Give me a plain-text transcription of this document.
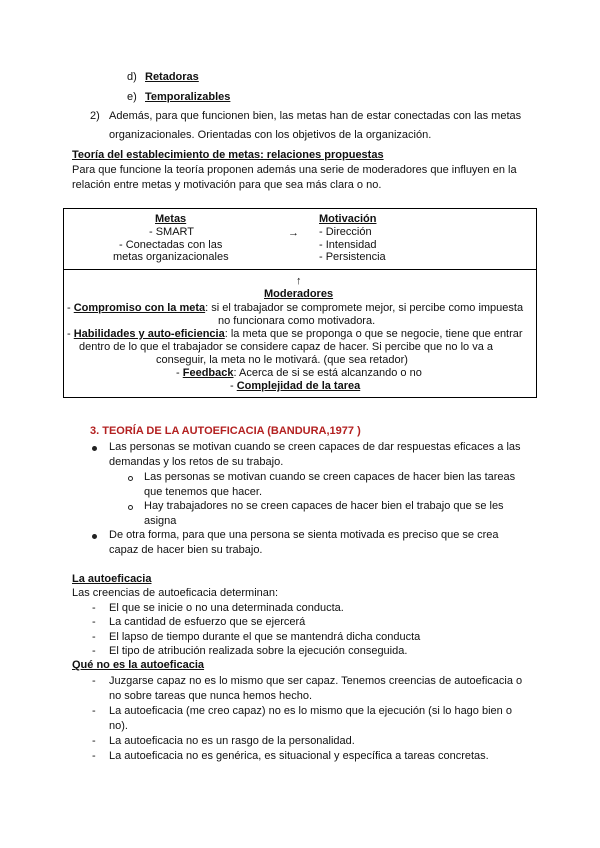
d) Retadoras
e) Temporalizables
2) Además, para que funcionen bien, las metas han de estar conectadas con las metas
organizacionales. Orientadas con los objetivos de la organización.
Teoría del establecimiento de metas: relaciones propuestas
Para que funcione la teoría proponen además una serie de moderadores que influyen en la
relación entre metas y motivación para que sea más clara o no.
Metas
- SMART
- Conectadas con las
metas organizacionales
→
Motivación
- Dirección
- Intensidad
- Persistencia
↑
Moderadores
- Compromiso con la meta: si el trabajador se compromete mejor, si percibe como impuesta
no funcionara como motivadora.
- Habilidades y auto-eficiencia: la meta que se proponga o que se negocie, tiene que entrar
dentro de lo que el trabajador se considere capaz de hacer. Si percibe que no lo va a
conseguir, la meta no le motivará. (que sea retador)
- Feedback: Acerca de si se está alcanzando o no
- Complejidad de la tarea
3. TEORÍA DE LA AUTOEFICACIA (BANDURA,1977 )
Las personas se motivan cuando se creen capaces de dar respuestas eficaces a las
demandas y los retos de su trabajo.
Las personas se motivan cuando se creen capaces de hacer bien las tareas
que tenemos que hacer.
Hay trabajadores no se creen capaces de hacer bien el trabajo que se les
asigna
De otra forma, para que una persona se sienta motivada es preciso que se crea
capaz de hacer bien su trabajo.
La autoeficacia
Las creencias de autoeficacia determinan:
- El que se inicie o no una determinada conducta.
- La cantidad de esfuerzo que se ejercerá
- El lapso de tiempo durante el que se mantendrá dicha conducta
- El tipo de atribución realizada sobre la ejecución conseguida.
Qué no es la autoeficacia
- Juzgarse capaz no es lo mismo que ser capaz. Tenemos creencias de autoeficacia o
no sobre tareas que nunca hemos hecho.
- La autoeficacia (me creo capaz) no es lo mismo que la ejecución (si lo hago bien o
no).
- La autoeficacia no es un rasgo de la personalidad.
- La autoeficacia no es genérica, es situacional y específica a tareas concretas.
